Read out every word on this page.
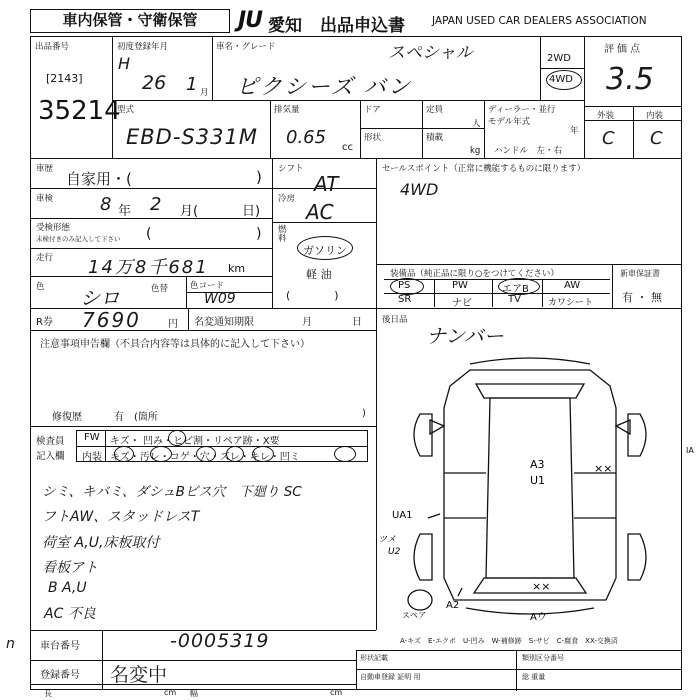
車内保管・守衛保管	JU 愛知 出品申込書	JAPAN USED CAR DEALERS ASSOCIATION
出品番号
[2143]
35214
初度登録年月
H
26 1 月
車名・グレード	スペシャル
ピクシーズ バン
2WD
4WD
評価点
3.5
外装	内装
C C
型式
EBD-S331M
排気量
0.65 cc
ドア
形状
定員
人
積載
kg
ディーラー・並行
モデル年式
年
ハンドル　左・右
車歴
自家用・(	)
車検	8 年 2 月(	日)
受検形態
未検付きのみ記入して下さい (	)
走行 14万8千681 km
色 シロ	色替	色コード
W09
シフト
AT
冷房
AC
燃料
ガソリン
軽 油
(　　　　)
セールスポイント（正常に機能するものに限ります）
4WD
装備品（純正品に限り○をつけてください）
PS	PW	エアB	AW
SR	ナビ	TV	カワシート
新車保証書
有 ・ 無
R券 7690	円 名変通知期限	月	日 後日品
ナンバー
注意事項申告欄（不具合内容等は具体的に記入して下さい）
修復歴	有　(箇所	)
検査員
記入欄
FW キズ・ 凹み・ヒビ割・リペア跡・X要
内装 キズ・汚レ・コゲ・穴・ズレ・キレ・凹ミ
シミ、キバミ、ダシュBビス穴　下廻り SC
フトAW、スタッドレスT
荷室 A,U,床板取付
看板アト
B A,U
AC 不良
A3
U1
××
UA1
ツメ
U2
××
A2
Aウ
スペア
A-キズ　E-エクボ　U-凹み　W-補修跡　S-サビ　C-腐食　XX-交換済
車台番号	-0005319
登録番号 名変中
長	cm 幅	cm
形状記載
自動車登録 証明 用
類別区分番号
総 重量
n
IA
